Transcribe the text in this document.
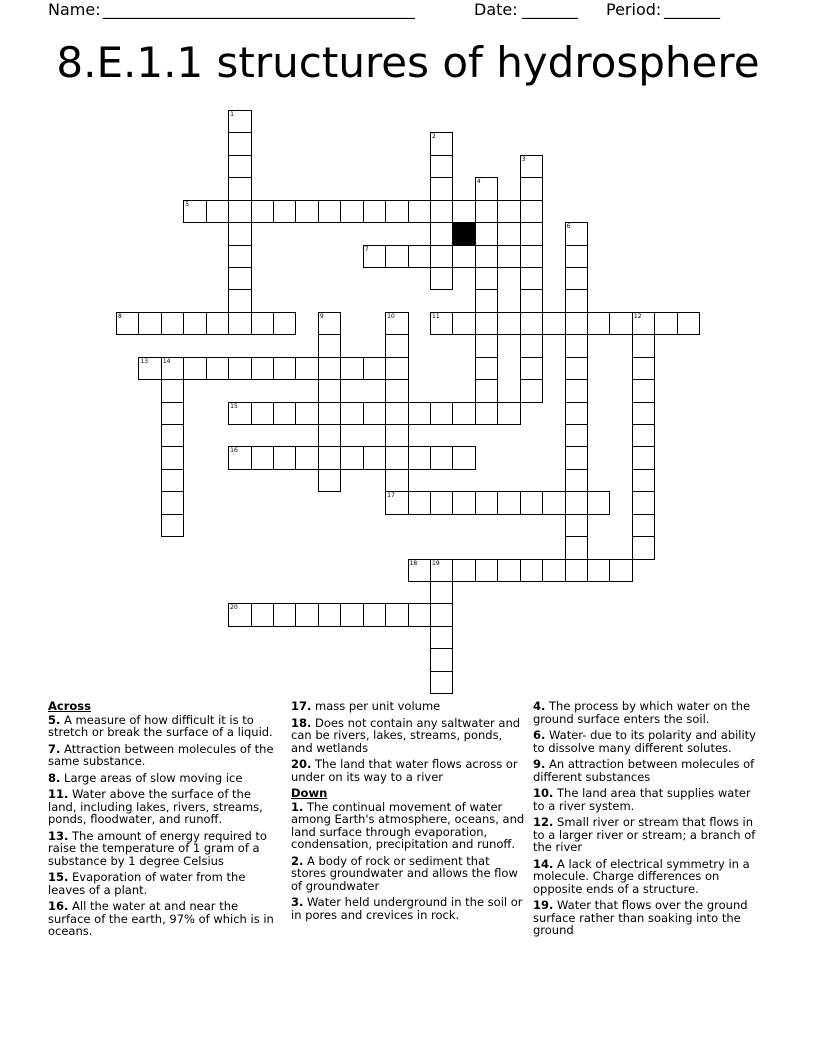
Name: _______________________________________	Date: _______ Period: _______
8.E.1.1 structures of hydrosphere
1
2
3
4
5
6
7
8	9	10
17
11	12
13 14
15
16
18 19
20
Across
5. A measure of how difficult it is to stretch or break the surface of a liquid.
7. Attraction between molecules of the same substance.
8. Large areas of slow moving ice
11. Water above the surface of the land, including lakes, rivers, streams, ponds, floodwater, and runoff.
13. The amount of energy required to raise the temperature of 1 gram of a substance by 1 degree Celsius
15. Evaporation of water from the leaves of a plant.
16. All the water at and near the surface of the earth, 97% of which is in oceans.
17. mass per unit volume
18. Does not contain any saltwater and can be rivers, lakes, streams, ponds, and wetlands
20. The land that water flows across or under on its way to a river
Down
1. The continual movement of water among Earth's atmosphere, oceans, and land surface through evaporation, condensation, precipitation and runoff.
2. A body of rock or sediment that stores groundwater and allows the flow of groundwater
3. Water held underground in the soil or in pores and crevices in rock.
4. The process by which water on the ground surface enters the soil.
6. Water- due to its polarity and ability to dissolve many different solutes.
9. An attraction between molecules of different substances
10. The land area that supplies water to a river system.
12. Small river or stream that flows in to a larger river or stream; a branch of the river
14. A lack of electrical symmetry in a molecule. Charge differences on opposite ends of a structure.
19. Water that flows over the ground surface rather than soaking into the ground
